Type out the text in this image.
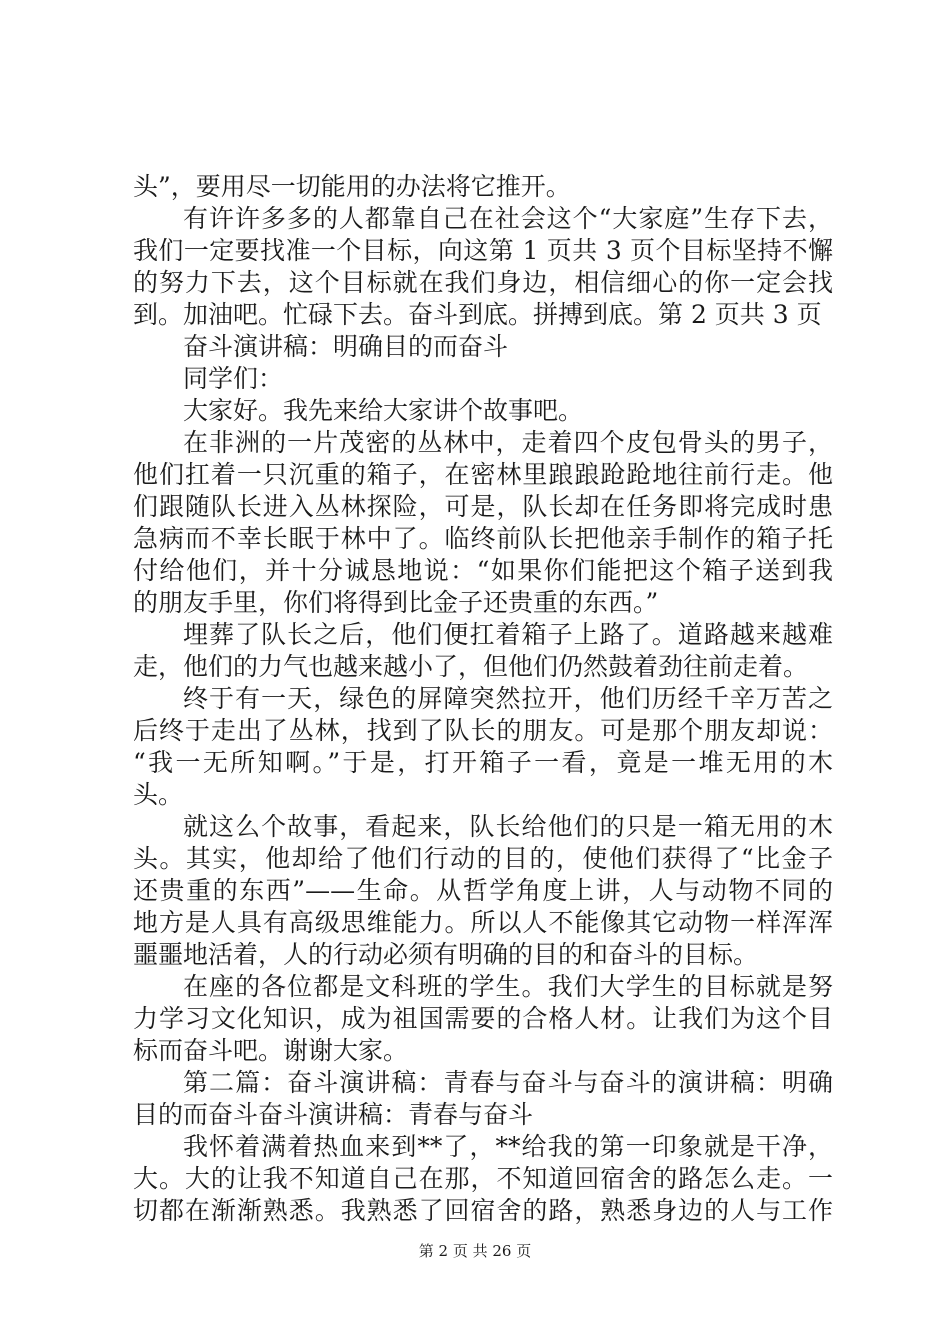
头”，要用尽一切能用的办法将它推开。
有许许多多的人都靠自己在社会这个“大家庭”生存下去，
我们一定要找准一个目标，向这第 1 页共 3 页个目标坚持不懈
的努力下去，这个目标就在我们身边，相信细心的你一定会找
到。加油吧。忙碌下去。奋斗到底。拼搏到底。第 2 页共 3 页
奋斗演讲稿：明确目的而奋斗
同学们：
大家好。我先来给大家讲个故事吧。
在非洲的一片茂密的丛林中，走着四个皮包骨头的男子，
他们扛着一只沉重的箱子，在密林里踉踉跄跄地往前行走。他
们跟随队长进入丛林探险，可是，队长却在任务即将完成时患
急病而不幸长眠于林中了。临终前队长把他亲手制作的箱子托
付给他们，并十分诚恳地说：“如果你们能把这个箱子送到我
的朋友手里，你们将得到比金子还贵重的东西。”
埋葬了队长之后，他们便扛着箱子上路了。道路越来越难
走，他们的力气也越来越小了，但他们仍然鼓着劲往前走着。
终于有一天，绿色的屏障突然拉开，他们历经千辛万苦之
后终于走出了丛林，找到了队长的朋友。可是那个朋友却说：
“我一无所知啊。”于是，打开箱子一看，竟是一堆无用的木
头。
就这么个故事，看起来，队长给他们的只是一箱无用的木
头。其实，他却给了他们行动的目的，使他们获得了“比金子
还贵重的东西”——生命。从哲学角度上讲，人与动物不同的
地方是人具有高级思维能力。所以人不能像其它动物一样浑浑
噩噩地活着，人的行动必须有明确的目的和奋斗的目标。
在座的各位都是文科班的学生。我们大学生的目标就是努
力学习文化知识，成为祖国需要的合格人材。让我们为这个目
标而奋斗吧。谢谢大家。
第二篇：奋斗演讲稿：青春与奋斗与奋斗的演讲稿：明确
目的而奋斗奋斗演讲稿：青春与奋斗
我怀着满着热血来到**了，**给我的第一印象就是干净，
大。大的让我不知道自己在那，不知道回宿舍的路怎么走。一
切都在渐渐熟悉。我熟悉了回宿舍的路，熟悉身边的人与工作
第 2 页 共 26 页
